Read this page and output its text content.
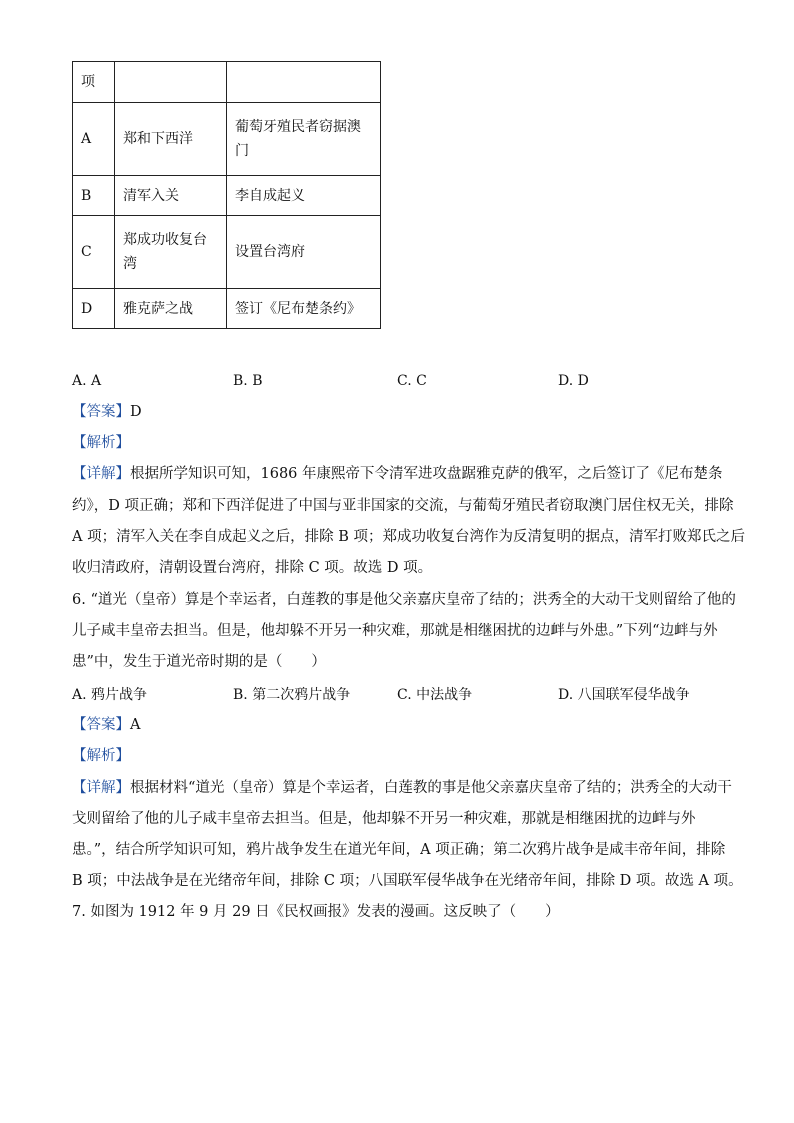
项		
A	郑和下西洋	葡萄牙殖民者窃据澳
门
B	清军入关	李自成起义
C	郑成功收复台
湾	设置台湾府
D	雅克萨之战	签订《尼布楚条约》
A. A	B. B	C. C	D. D
【答案】D
【解析】
【详解】根据所学知识可知，1686 年康熙帝下令清军进攻盘踞雅克萨的俄军，之后签订了《尼布楚条
约》，D 项正确；郑和下西洋促进了中国与亚非国家的交流，与葡萄牙殖民者窃取澳门居住权无关，排除
A 项；清军入关在李自成起义之后，排除 B 项；郑成功收复台湾作为反清复明的据点，清军打败郑氏之后
收归清政府，清朝设置台湾府，排除 C 项。故选 D 项。
6. “道光（皇帝）算是个幸运者，白莲教的事是他父亲嘉庆皇帝了结的；洪秀全的大动干戈则留给了他的
儿子咸丰皇帝去担当。但是，他却躲不开另一种灾难，那就是相继困扰的边衅与外患。”下列“边衅与外
患”中，发生于道光帝时期的是（　　）
A. 鸦片战争	B. 第二次鸦片战争	C. 中法战争	D. 八国联军侵华战争
【答案】A
【解析】
【详解】根据材料“道光（皇帝）算是个幸运者，白莲教的事是他父亲嘉庆皇帝了结的；洪秀全的大动干
戈则留给了他的儿子咸丰皇帝去担当。但是，他却躲不开另一种灾难，那就是相继困扰的边衅与外
患。”，结合所学知识可知，鸦片战争发生在道光年间，A 项正确；第二次鸦片战争是咸丰帝年间，排除
B 项；中法战争是在光绪帝年间，排除 C 项；八国联军侵华战争在光绪帝年间，排除 D 项。故选 A 项。
7. 如图为 1912 年 9 月 29 日《民权画报》发表的漫画。这反映了（　　）
